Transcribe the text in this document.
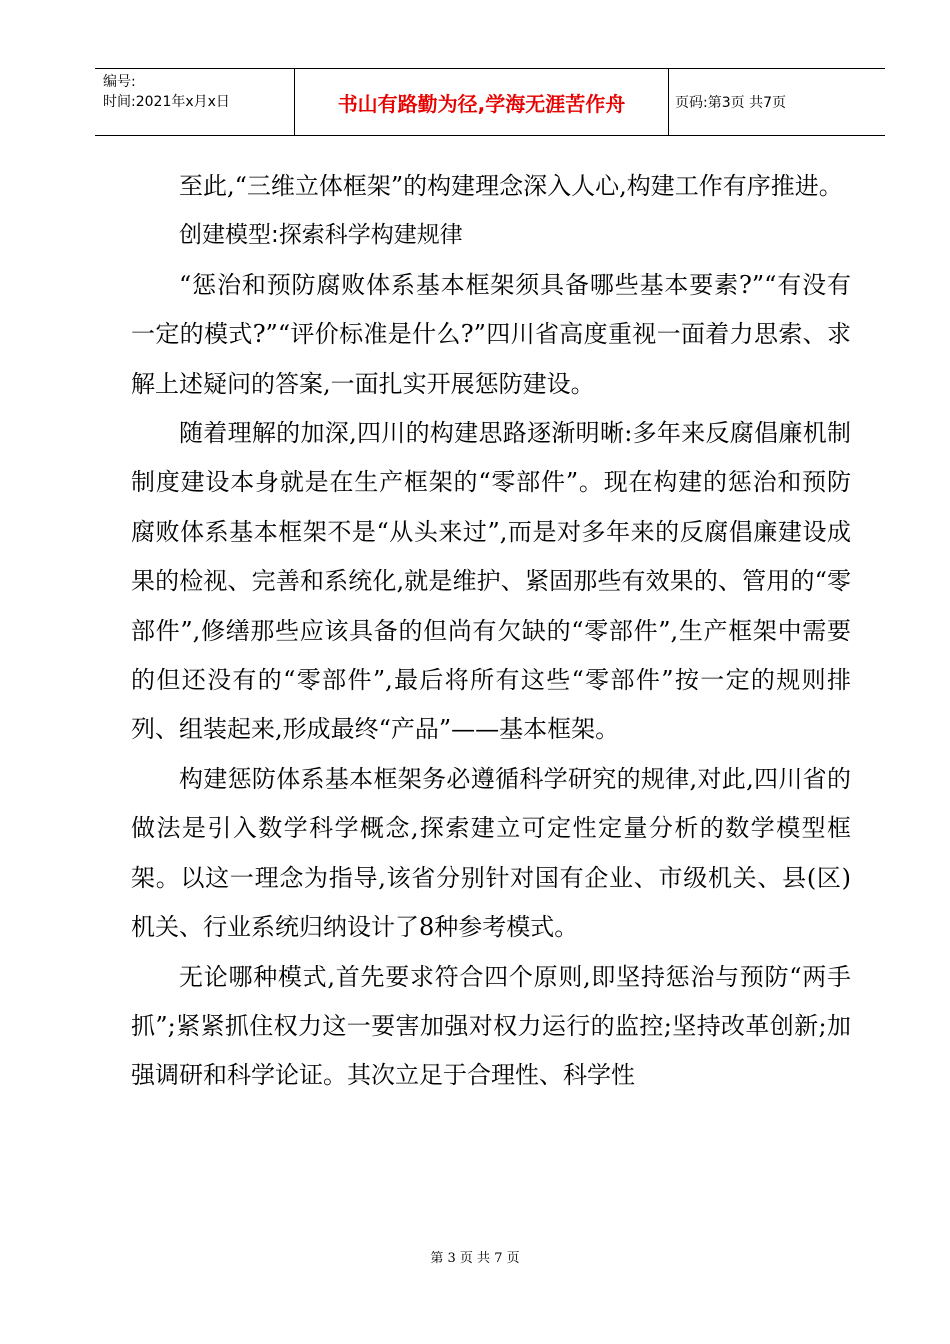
编号:
时间:2021年x月x日	书山有路勤为径,学海无涯苦作舟	页码:第3页 共7页

至此,“三维立体框架”的构建理念深入人心,构建工作有序推进。

创建模型:探索科学构建规律

“惩治和预防腐败体系基本框架须具备哪些基本要素?”“有没有一定的模式?”“评价标准是什么?”四川省高度重视一面着力思索、求解上述疑问的答案,一面扎实开展惩防建设。

随着理解的加深,四川的构建思路逐渐明晰:多年来反腐倡廉机制制度建设本身就是在生产框架的“零部件”。现在构建的惩治和预防腐败体系基本框架不是“从头来过”,而是对多年来的反腐倡廉建设成果的检视、完善和系统化,就是维护、紧固那些有效果的、管用的“零部件”,修缮那些应该具备的但尚有欠缺的“零部件”,生产框架中需要的但还没有的“零部件”,最后将所有这些“零部件”按一定的规则排列、组装起来,形成最终“产品”——基本框架。

构建惩防体系基本框架务必遵循科学研究的规律,对此,四川省的做法是引入数学科学概念,探索建立可定性定量分析的数学模型框架。以这一理念为指导,该省分别针对国有企业、市级机关、县(区)机关、行业系统归纳设计了8种参考模式。

无论哪种模式,首先要求符合四个原则,即坚持惩治与预防“两手抓”;紧紧抓住权力这一要害加强对权力运行的监控;坚持改革创新;加强调研和科学论证。其次立足于合理性、科学性

第 3 页 共 7 页
